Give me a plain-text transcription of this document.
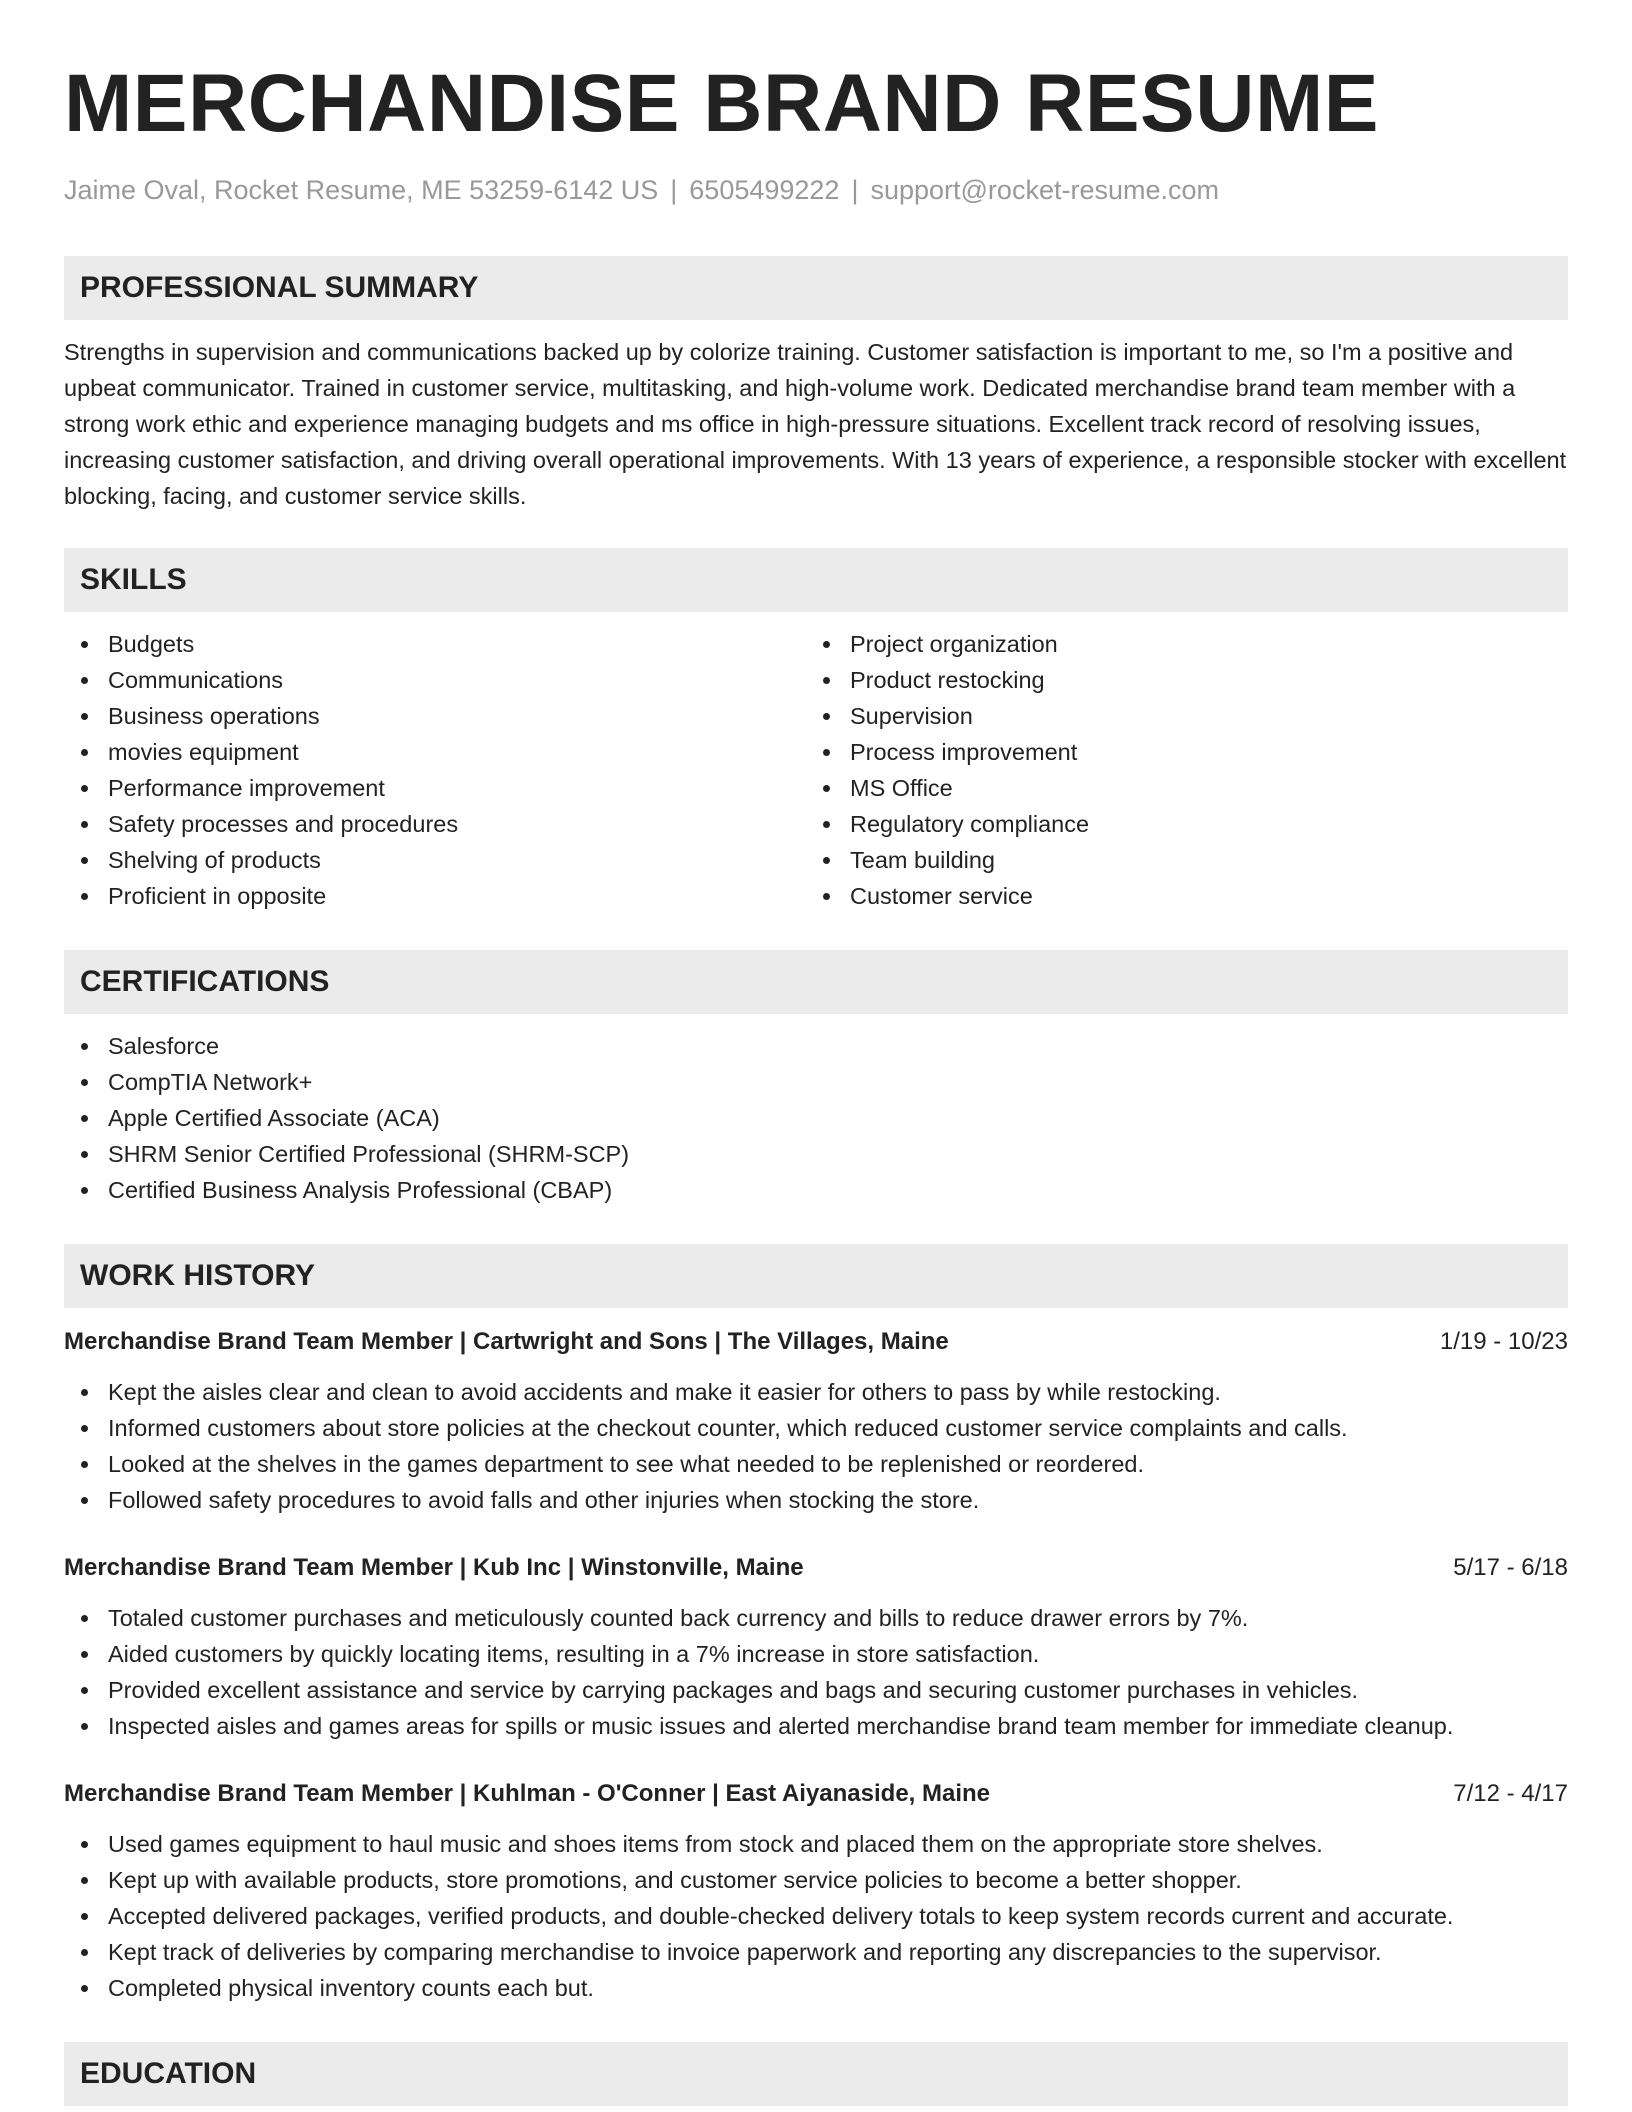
MERCHANDISE BRAND RESUME
Jaime Oval, Rocket Resume, ME 53259-6142 US | 6505499222 | support@rocket-resume.com
PROFESSIONAL SUMMARY

Strengths in supervision and communications backed up by colorize training. Customer satisfaction is important to me, so I'm a positive and upbeat communicator. Trained in customer service, multitasking, and high-volume work. Dedicated merchandise brand team member with a strong work ethic and experience managing budgets and ms office in high-pressure situations. Excellent track record of resolving issues, increasing customer satisfaction, and driving overall operational improvements. With 13 years of experience, a responsible stocker with excellent blocking, facing, and customer service skills.

SKILLS
Budgets
Communications
Business operations
movies equipment
Performance improvement
Safety processes and procedures
Shelving of products
Proficient in opposite
Project organization
Product restocking
Supervision
Process improvement
MS Office
Regulatory compliance
Team building
Customer service
CERTIFICATIONS
Salesforce
CompTIA Network+
Apple Certified Associate (ACA)
SHRM Senior Certified Professional (SHRM-SCP)
Certified Business Analysis Professional (CBAP)
WORK HISTORY
Merchandise Brand Team Member | Cartwright and Sons | The Villages, Maine	1/19 - 10/23
Kept the aisles clear and clean to avoid accidents and make it easier for others to pass by while restocking.
Informed customers about store policies at the checkout counter, which reduced customer service complaints and calls.
Looked at the shelves in the games department to see what needed to be replenished or reordered.
Followed safety procedures to avoid falls and other injuries when stocking the store.
Merchandise Brand Team Member | Kub Inc | Winstonville, Maine	5/17 - 6/18
Totaled customer purchases and meticulously counted back currency and bills to reduce drawer errors by 7%.
Aided customers by quickly locating items, resulting in a 7% increase in store satisfaction.
Provided excellent assistance and service by carrying packages and bags and securing customer purchases in vehicles.
Inspected aisles and games areas for spills or music issues and alerted merchandise brand team member for immediate cleanup.
Merchandise Brand Team Member | Kuhlman - O'Conner | East Aiyanaside, Maine	7/12 - 4/17
Used games equipment to haul music and shoes items from stock and placed them on the appropriate store shelves.
Kept up with available products, store promotions, and customer service policies to become a better shopper.
Accepted delivered packages, verified products, and double-checked delivery totals to keep system records current and accurate.
Kept track of deliveries by comparing merchandise to invoice paperwork and reporting any discrepancies to the supervisor.
Completed physical inventory counts each but.
EDUCATION
